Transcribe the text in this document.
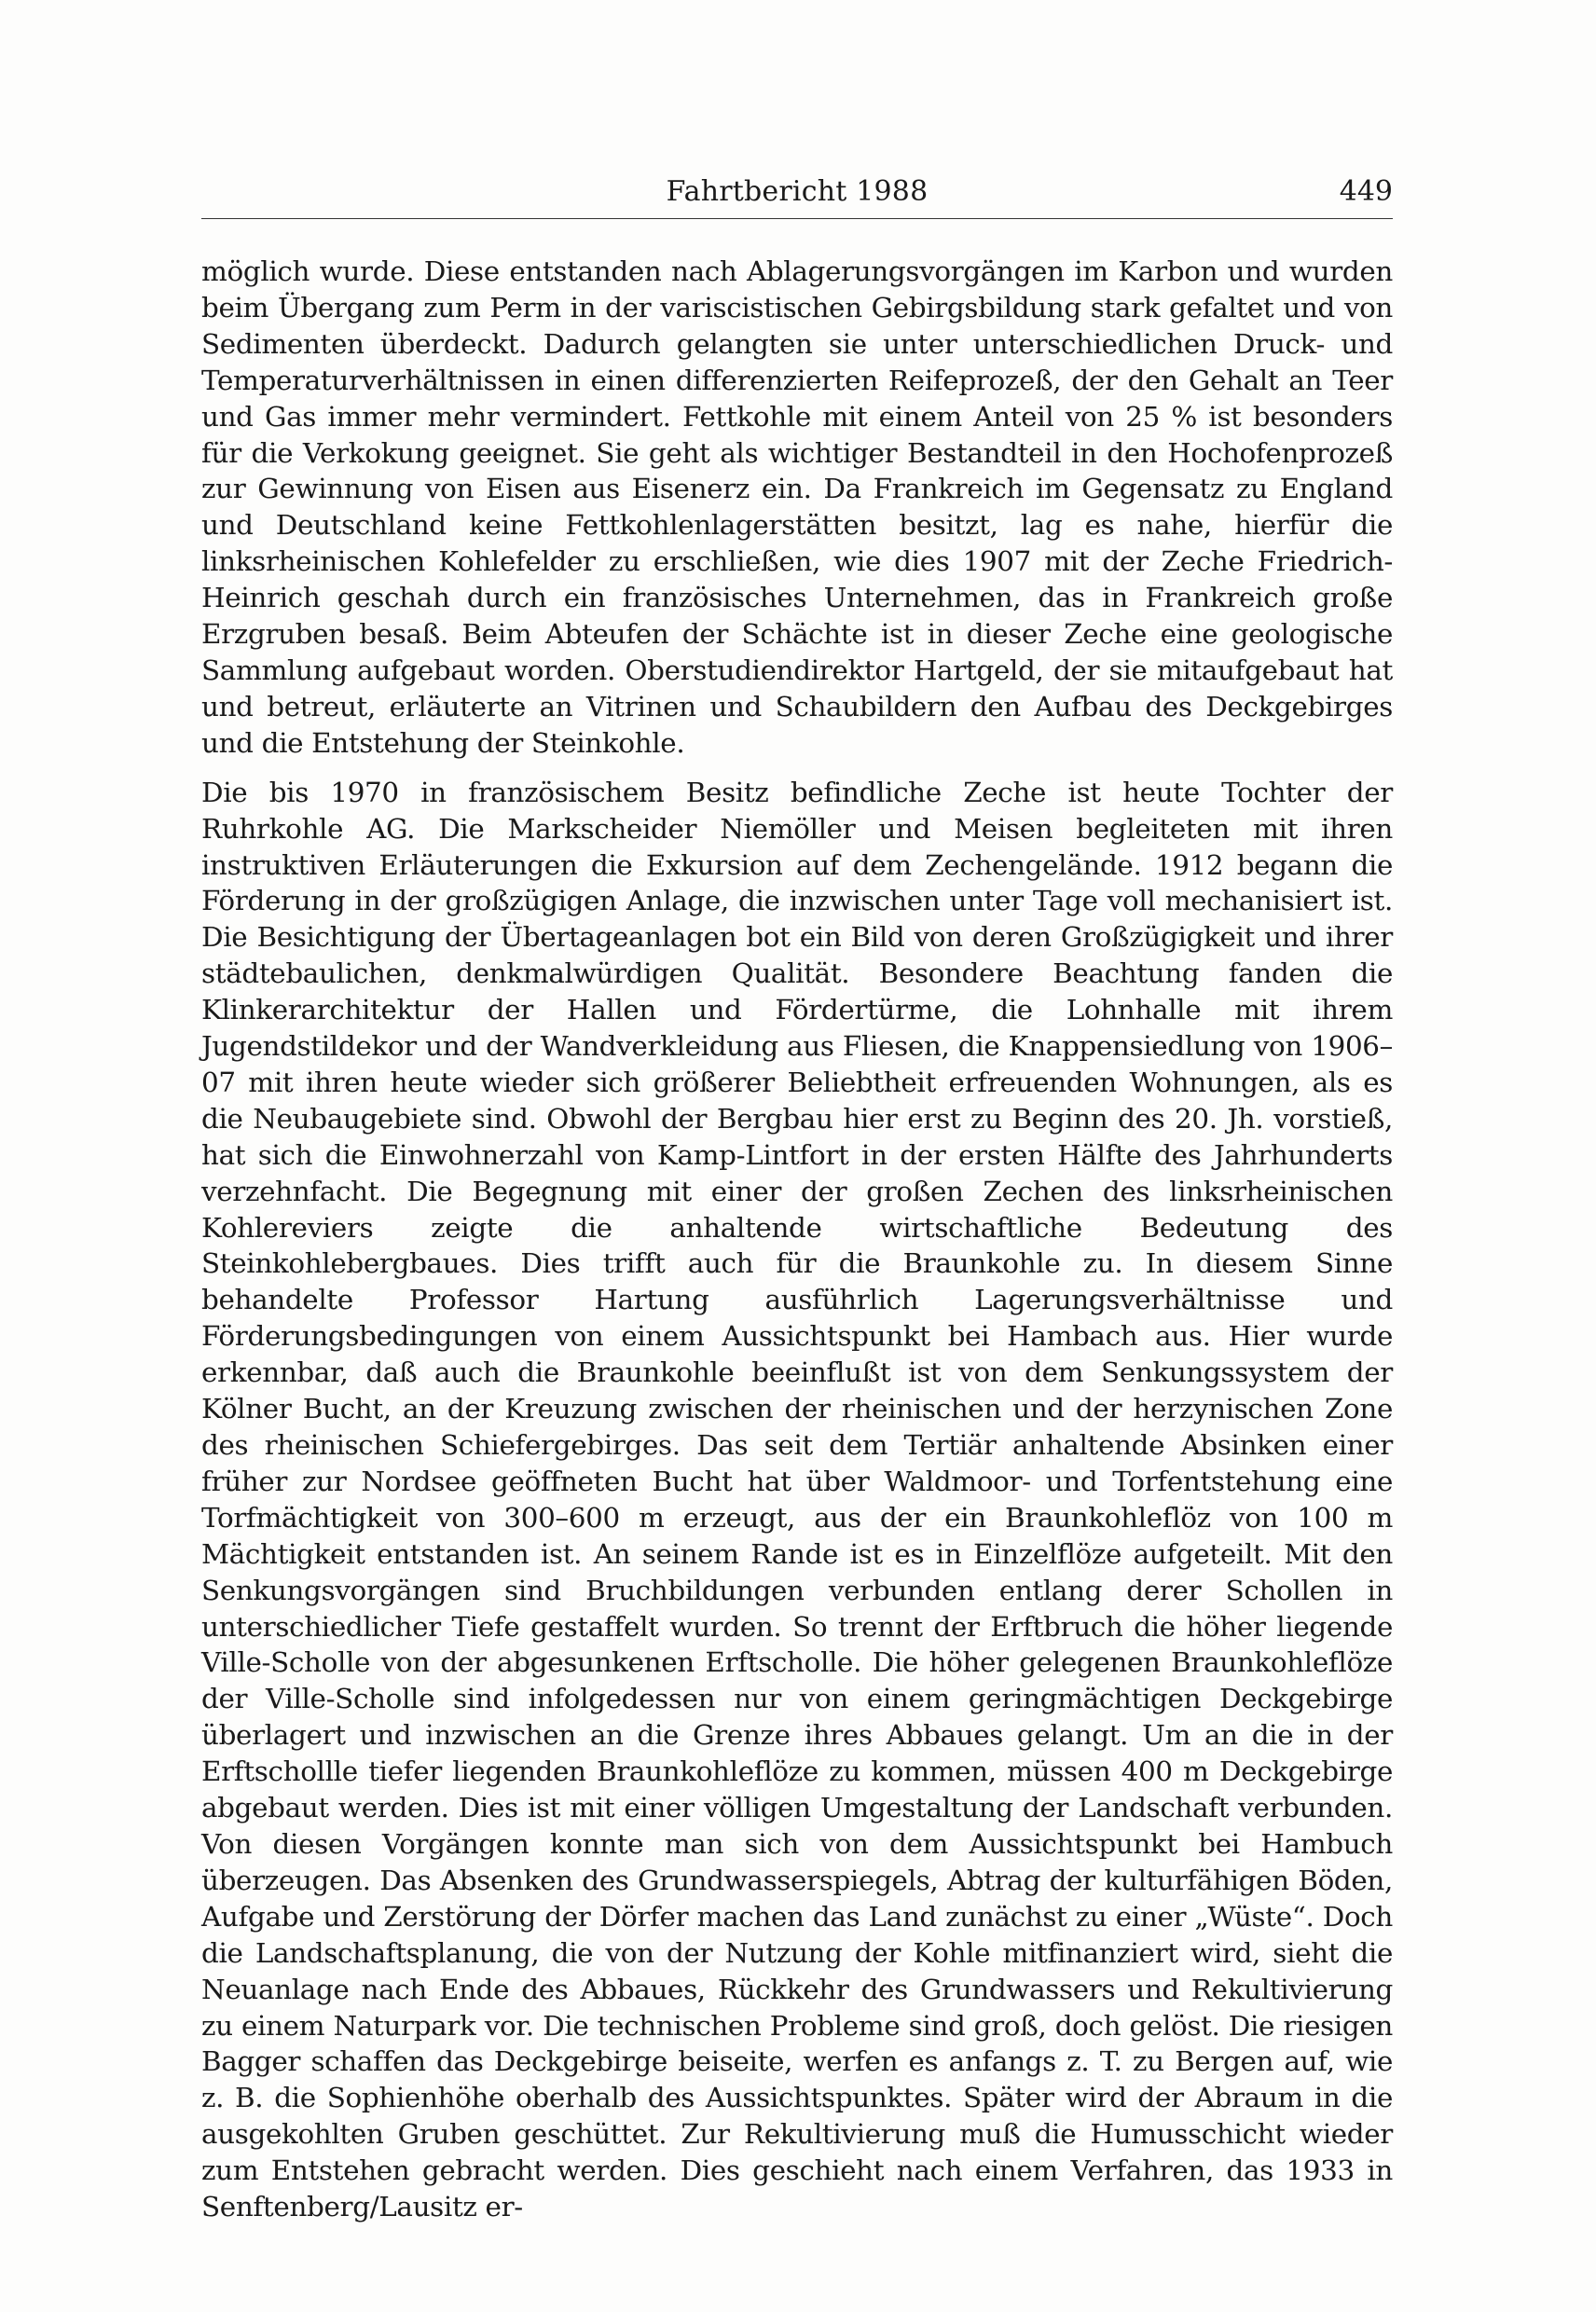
Fahrtbericht 1988	449

möglich wurde. Diese entstanden nach Ablagerungsvorgängen im Karbon und wurden beim Übergang zum Perm in der variscistischen Gebirgsbildung stark gefaltet und von Sedimenten überdeckt. Dadurch gelangten sie unter unterschiedlichen Druck- und Temperaturverhältnissen in einen differenzierten Reifeprozeß, der den Gehalt an Teer und Gas immer mehr vermindert. Fettkohle mit einem Anteil von 25 % ist besonders für die Verkokung geeignet. Sie geht als wichtiger Bestandteil in den Hochofenprozeß zur Gewinnung von Eisen aus Eisenerz ein. Da Frankreich im Gegensatz zu England und Deutschland keine Fettkohlenlagerstätten besitzt, lag es nahe, hierfür die linksrheinischen Kohlefelder zu erschließen, wie dies 1907 mit der Zeche Friedrich-Heinrich geschah durch ein französisches Unternehmen, das in Frankreich große Erzgruben besaß. Beim Abteufen der Schächte ist in dieser Zeche eine geologische Sammlung aufgebaut worden. Oberstudiendirektor Hartgeld, der sie mitaufgebaut hat und betreut, erläuterte an Vitrinen und Schaubildern den Aufbau des Deckgebirges und die Entstehung der Steinkohle.

Die bis 1970 in französischem Besitz befindliche Zeche ist heute Tochter der Ruhrkohle AG. Die Markscheider Niemöller und Meisen begleiteten mit ihren instruktiven Erläuterungen die Exkursion auf dem Zechengelände. 1912 begann die Förderung in der großzügigen Anlage, die inzwischen unter Tage voll mechanisiert ist. Die Besichtigung der Übertageanlagen bot ein Bild von deren Großzügigkeit und ihrer städtebaulichen, denkmalwürdigen Qualität. Besondere Beachtung fanden die Klinkerarchitektur der Hallen und Fördertürme, die Lohnhalle mit ihrem Jugendstildekor und der Wandverkleidung aus Fliesen, die Knappensiedlung von 1906–07 mit ihren heute wieder sich größerer Beliebtheit erfreuenden Wohnungen, als es die Neubaugebiete sind. Obwohl der Bergbau hier erst zu Beginn des 20. Jh. vorstieß, hat sich die Einwohnerzahl von Kamp-Lintfort in der ersten Hälfte des Jahrhunderts verzehnfacht. Die Begegnung mit einer der großen Zechen des linksrheinischen Kohlereviers zeigte die anhaltende wirtschaftliche Bedeutung des Steinkohlebergbaues. Dies trifft auch für die Braunkohle zu. In diesem Sinne behandelte Professor Hartung ausführlich Lagerungsverhältnisse und Förderungsbedingungen von einem Aussichtspunkt bei Hambach aus. Hier wurde erkennbar, daß auch die Braunkohle beeinflußt ist von dem Senkungssystem der Kölner Bucht, an der Kreuzung zwischen der rheinischen und der herzynischen Zone des rheinischen Schiefergebirges. Das seit dem Tertiär anhaltende Absinken einer früher zur Nordsee geöffneten Bucht hat über Waldmoor- und Torfentstehung eine Torfmächtigkeit von 300–600 m erzeugt, aus der ein Braunkohleflöz von 100 m Mächtigkeit entstanden ist. An seinem Rande ist es in Einzelflöze aufgeteilt. Mit den Senkungsvorgängen sind Bruchbildungen verbunden entlang derer Schollen in unterschiedlicher Tiefe gestaffelt wurden. So trennt der Erftbruch die höher liegende Ville-Scholle von der abgesunkenen Erftscholle. Die höher gelegenen Braunkohleflöze der Ville-Scholle sind infolgedessen nur von einem geringmächtigen Deckgebirge überlagert und inzwischen an die Grenze ihres Abbaues gelangt. Um an die in der Erftschollle tiefer liegenden Braunkohleflöze zu kommen, müssen 400 m Deckgebirge abgebaut werden. Dies ist mit einer völligen Umgestaltung der Landschaft verbunden. Von diesen Vorgängen konnte man sich von dem Aussichtspunkt bei Hambuch überzeugen. Das Absenken des Grundwasserspiegels, Abtrag der kulturfähigen Böden, Aufgabe und Zerstörung der Dörfer machen das Land zunächst zu einer „Wüste“. Doch die Landschaftsplanung, die von der Nutzung der Kohle mitfinanziert wird, sieht die Neuanlage nach Ende des Abbaues, Rückkehr des Grundwassers und Rekultivierung zu einem Naturpark vor. Die technischen Probleme sind groß, doch gelöst. Die riesigen Bagger schaffen das Deckgebirge beiseite, werfen es anfangs z. T. zu Bergen auf, wie z. B. die Sophienhöhe oberhalb des Aussichtspunktes. Später wird der Abraum in die ausgekohlten Gruben geschüttet. Zur Rekultivierung muß die Humusschicht wieder zum Entstehen gebracht werden. Dies geschieht nach einem Verfahren, das 1933 in Senftenberg/Lausitz er-
